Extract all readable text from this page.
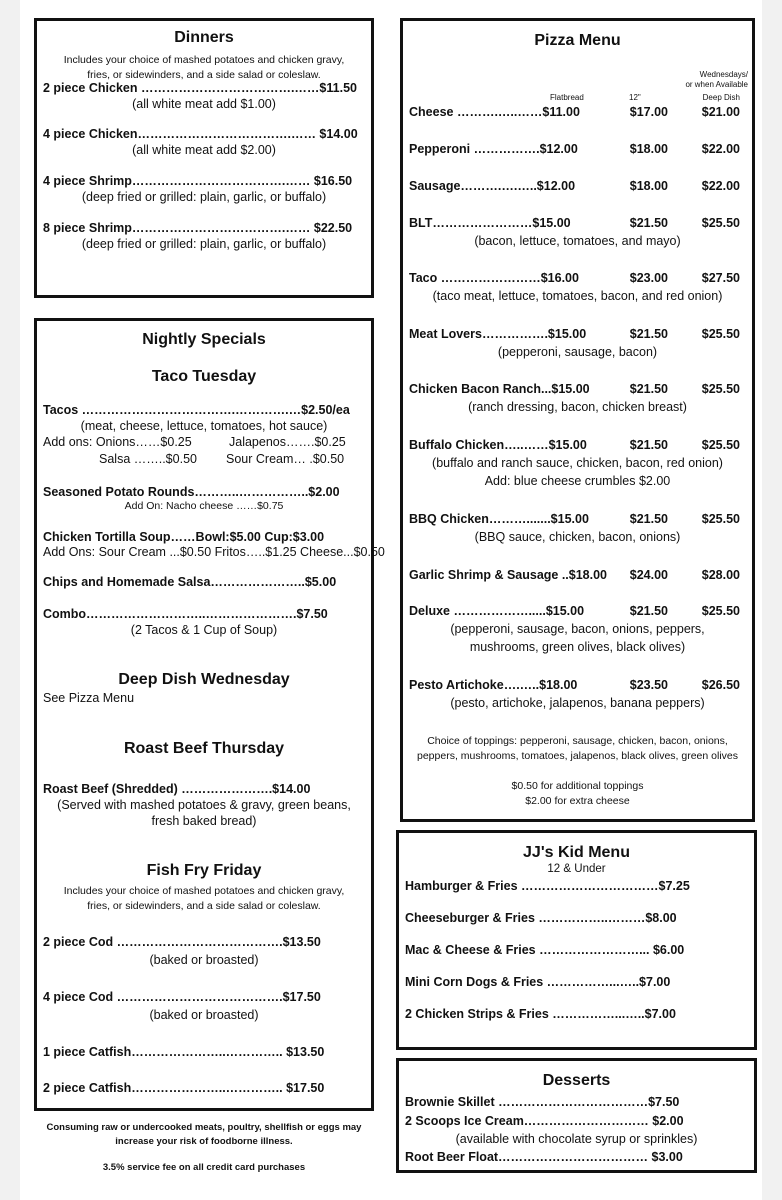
Dinners
Includes your choice of mashed potatoes and chicken gravy, fries, or sidewinders, and a side salad or coleslaw.
2 piece Chicken ……………………………….……$11.50
(all white meat add $1.00)
4 piece Chicken……………………………….…… $14.00
(all white meat add $2.00)
4 piece Shrimp……………………………….…… $16.50
(deep fried or grilled: plain, garlic, or buffalo)
8 piece Shrimp……………………………….…… $22.50
(deep fried or grilled: plain, garlic, or buffalo)
Nightly Specials
Taco Tuesday
Tacos ……………………………….………….…$2.50/ea
(meat, cheese, lettuce, tomatoes, hot sauce)
Add ons: Onions……$0.25	Jalapenos…….$0.25
Salsa ……..$0.50 Sour Cream… .$0.50
Seasoned Potato Rounds………..……………..$2.00
Add On: Nacho cheese ……$0.75
Chicken Tortilla Soup……Bowl:$5.00 Cup:$3.00
Add Ons: Sour Cream ...$0.50 Fritos…..$1.25 Cheese...$0.50
Chips and Homemade Salsa…………………..$5.00
Combo………………………..………………….$7.50
(2 Tacos & 1 Cup of Soup)
Deep Dish Wednesday
See Pizza Menu
Roast Beef Thursday
Roast Beef (Shredded) ………………….$14.00
(Served with mashed potatoes & gravy, green beans,
fresh baked bread)
Fish Fry Friday
Includes your choice of mashed potatoes and chicken gravy, fries, or sidewinders, and a side salad or coleslaw.
2 piece Cod ………………………………….$13.50
(baked or broasted)
4 piece Cod ………………………………….$17.50
(baked or broasted)
1 piece Catfish…………………..………….. $13.50
2 piece Catfish…………………..………….. $17.50
Consuming raw or undercooked meats, poultry, shellfish or eggs may increase your risk of foodborne illness.
3.5% service fee on all credit card purchases
Pizza Menu
Wednesdays/
or when Available
Flatbread	12"	Deep Dish
Choice of toppings: pepperoni, sausage, chicken, bacon, onions, peppers, mushrooms, tomatoes, jalapenos, black olives, green olives
$0.50 for additional toppings
$2.00 for extra cheese
Cheese ……….…..……$11.00	$17.00	$21.00
Pepperoni …………….$12.00	$18.00	$22.00
Sausage……….….…..$12.00	$18.00	$22.00
BLT……………………$15.00	$21.50	$25.50
(bacon, lettuce, tomatoes, and mayo)
Taco ……………………$16.00	$23.00	$27.50
(taco meat, lettuce, tomatoes, bacon, and red onion)
Meat Lovers…………….$15.00	$21.50	$25.50
(pepperoni, sausage, bacon)
Chicken Bacon Ranch...$15.00	$21.50	$25.50
(ranch dressing, bacon, chicken breast)
Buffalo Chicken…..……$15.00	$21.50	$25.50
(buffalo and ranch sauce, chicken, bacon, red onion)
Add: blue cheese crumbles $2.00
BBQ Chicken……….......$15.00	$21.50	$25.50
(BBQ sauce, chicken, bacon, onions)
Garlic Shrimp & Sausage ..$18.00 $24.00	$28.00
Deluxe ……………….....$15.00	$21.50	$25.50
(pepperoni, sausage, bacon, onions, peppers,
mushrooms, green olives, black olives)
Pesto Artichoke….…..$18.00	$23.50	$26.50
(pesto, artichoke, jalapenos, banana peppers)
JJ's Kid Menu
12 & Under
Hamburger & Fries ……………………………$7.25
Cheeseburger & Fries ……………..………$8.00
Mac & Cheese & Fries ……………………... $6.00
Mini Corn Dogs & Fries ……………...…..$7.00
2 Chicken Strips & Fries ……………...…..$7.00
Desserts
Brownie Skillet ………………………………$7.50
2 Scoops Ice Cream………………………… $2.00
(available with chocolate syrup or sprinkles)
Root Beer Float……………………………… $3.00
